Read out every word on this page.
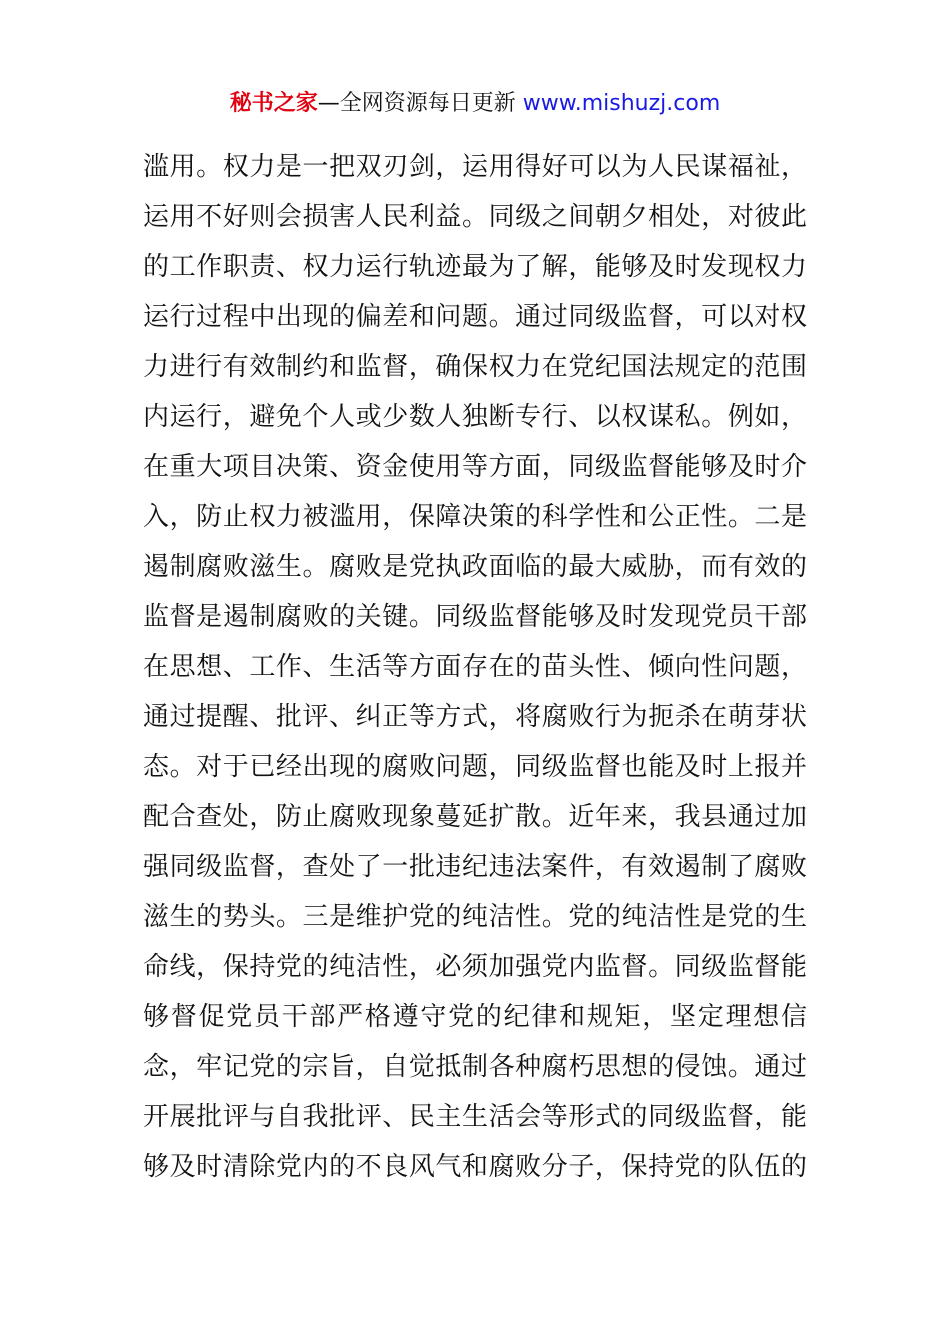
秘书之家—全网资源每日更新 www.mishuzj.com
滥用。权力是一把双刃剑，运用得好可以为人民谋福祉，
运用不好则会损害人民利益。同级之间朝夕相处，对彼此
的工作职责、权力运行轨迹最为了解，能够及时发现权力
运行过程中出现的偏差和问题。通过同级监督，可以对权
力进行有效制约和监督，确保权力在党纪国法规定的范围
内运行，避免个人或少数人独断专行、以权谋私。例如，
在重大项目决策、资金使用等方面，同级监督能够及时介
入，防止权力被滥用，保障决策的科学性和公正性。二是
遏制腐败滋生。腐败是党执政面临的最大威胁，而有效的
监督是遏制腐败的关键。同级监督能够及时发现党员干部
在思想、工作、生活等方面存在的苗头性、倾向性问题，
通过提醒、批评、纠正等方式，将腐败行为扼杀在萌芽状
态。对于已经出现的腐败问题，同级监督也能及时上报并
配合查处，防止腐败现象蔓延扩散。近年来，我县通过加
强同级监督，查处了一批违纪违法案件，有效遏制了腐败
滋生的势头。三是维护党的纯洁性。党的纯洁性是党的生
命线，保持党的纯洁性，必须加强党内监督。同级监督能
够督促党员干部严格遵守党的纪律和规矩，坚定理想信
念，牢记党的宗旨，自觉抵制各种腐朽思想的侵蚀。通过
开展批评与自我批评、民主生活会等形式的同级监督，能
够及时清除党内的不良风气和腐败分子，保持党的队伍的
